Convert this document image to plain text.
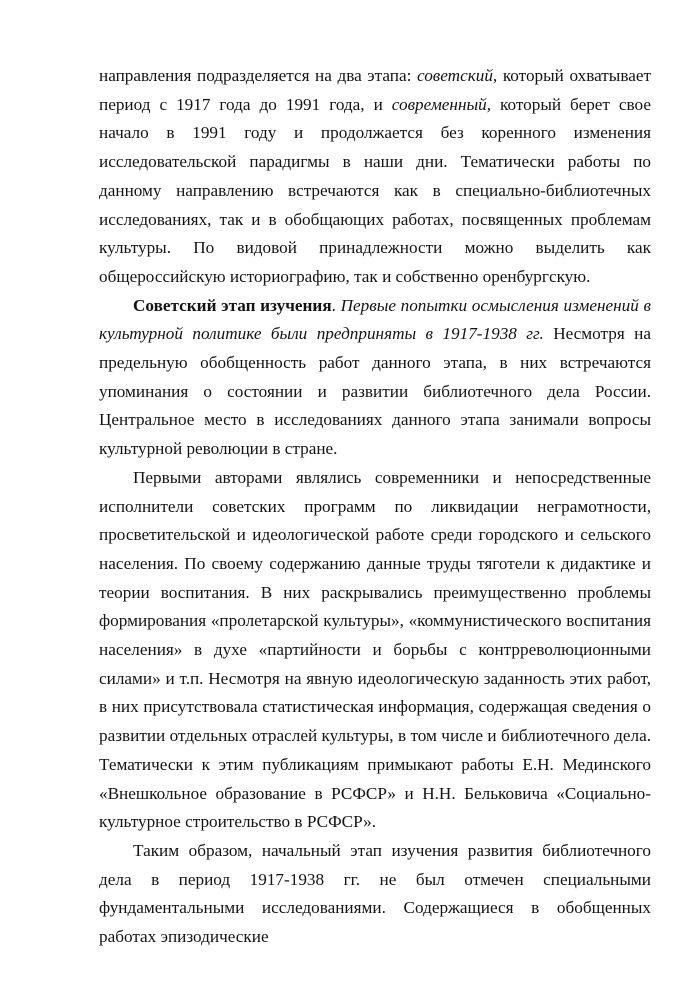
направления подразделяется на два этапа: советский, который охватывает период с 1917 года до 1991 года, и современный, который берет свое начало в 1991 году и продолжается без коренного изменения исследовательской парадигмы в наши дни. Тематически работы по данному направлению встречаются как в специально-библиотечных исследованиях, так и в обобщающих работах, посвященных проблемам культуры. По видовой принадлежности можно выделить как общероссийскую историографию, так и собственно оренбургскую.

Советский этап изучения. Первые попытки осмысления изменений в культурной политике были предприняты в 1917-1938 гг. Несмотря на предельную обобщенность работ данного этапа, в них встречаются упоминания о состоянии и развитии библиотечного дела России. Центральное место в исследованиях данного этапа занимали вопросы культурной революции в стране.

Первыми авторами являлись современники и непосредственные исполнители советских программ по ликвидации неграмотности, просветительской и идеологической работе среди городского и сельского населения. По своему содержанию данные труды тяготели к дидактике и теории воспитания. В них раскрывались преимущественно проблемы формирования «пролетарской культуры», «коммунистического воспитания населения» в духе «партийности и борьбы с контрреволюционными силами» и т.п. Несмотря на явную идеологическую заданность этих работ, в них присутствовала статистическая информация, содержащая сведения о развитии отдельных отраслей культуры, в том числе и библиотечного дела. Тематически к этим публикациям примыкают работы Е.Н. Мединского «Внешкольное образование в РСФСР» и Н.Н. Бельковича «Социально-культурное строительство в РСФСР».

Таким образом, начальный этап изучения развития библиотечного дела в период 1917-1938 гг. не был отмечен специальными фундаментальными исследованиями. Содержащиеся в обобщенных работах эпизодические
